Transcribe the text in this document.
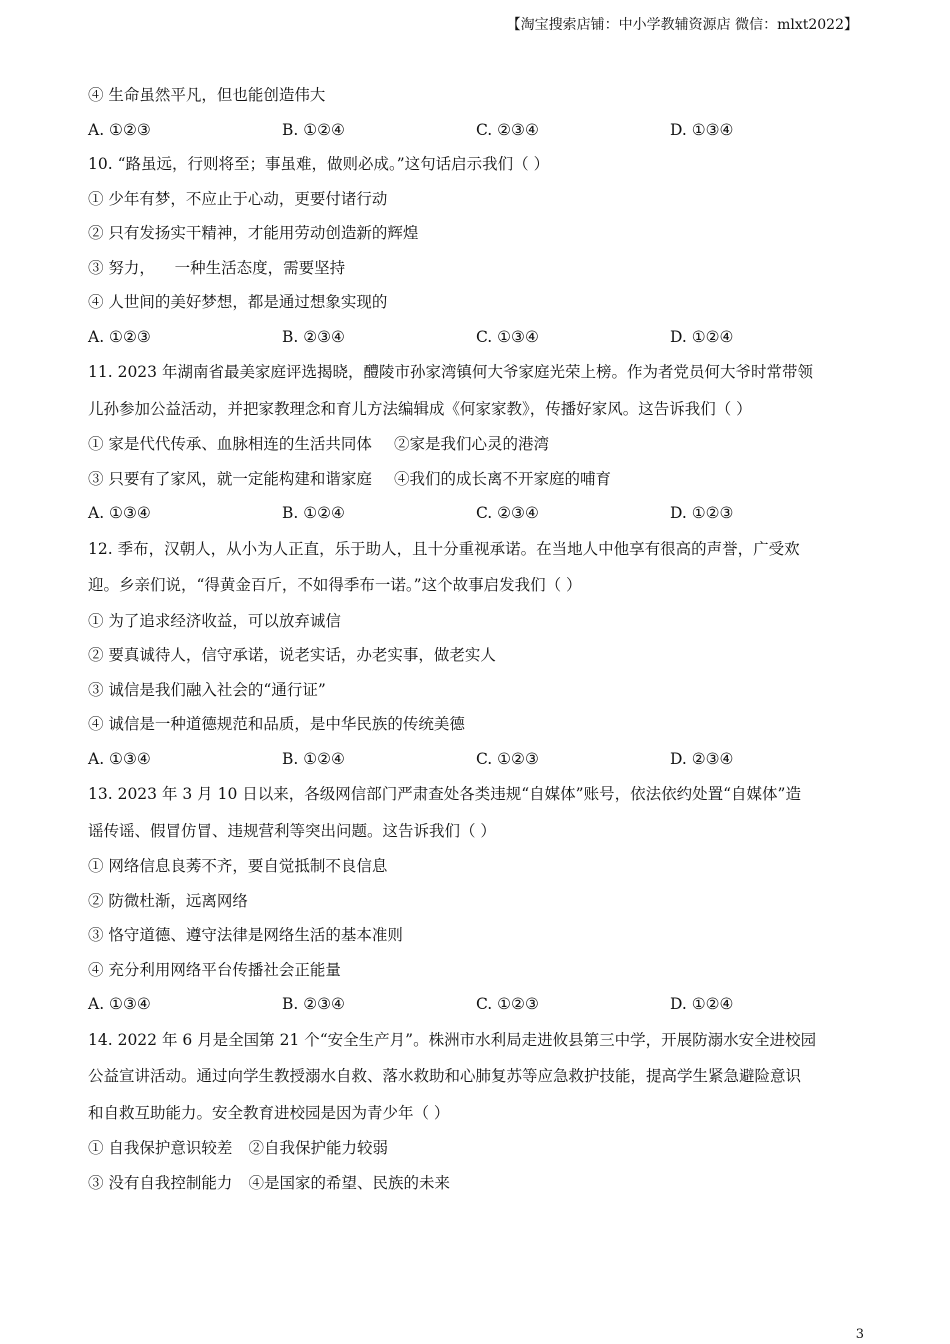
【淘宝搜索店铺：中小学教辅资源店 微信：mlxt2022】
④ 生命虽然平凡，但也能创造伟大
A. ①②③	B. ①②④	C. ②③④	D. ①③④
10. “路虽远，行则将至；事虽难，做则必成。”这句话启示我们（ ）
① 少年有梦，不应止于心动，更要付诸行动
② 只有发扬实干精神，才能用劳动创造新的辉煌
③ 努力，    一种生活态度，需要坚持
④ 人世间的美好梦想，都是通过想象实现的
A. ①②③	B. ②③④	C. ①③④	D. ①②④
11. 2023 年湖南省最美家庭评选揭晓，醴陵市孙家湾镇何大爷家庭光荣上榜。作为者党员何大爷时常带领
儿孙参加公益活动，并把家教理念和育儿方法编辑成《何家家教》，传播好家风。这告诉我们（ ）
① 家是代代传承、血脉相连的生活共同体 ②家是我们心灵的港湾
③ 只要有了家风，就一定能构建和谐家庭 ④我们的成长离不开家庭的哺育
A. ①③④	B. ①②④	C. ②③④	D. ①②③
12. 季布，汉朝人，从小为人正直，乐于助人，且十分重视承诺。在当地人中他享有很高的声誉，广受欢
迎。乡亲们说，“得黄金百斤，不如得季布一诺。”这个故事启发我们（ ）
① 为了追求经济收益，可以放弃诚信
② 要真诚待人，信守承诺，说老实话，办老实事，做老实人
③ 诚信是我们融入社会的“通行证”
④ 诚信是一种道德规范和品质，是中华民族的传统美德
A. ①③④	B. ①②④	C. ①②③	D. ②③④
13. 2023 年 3 月 10 日以来，各级网信部门严肃查处各类违规“自媒体”账号，依法依约处置“自媒体”造
谣传谣、假冒仿冒、违规营利等突出问题。这告诉我们（ ）
① 网络信息良莠不齐，要自觉抵制不良信息
② 防微杜渐，远离网络
③ 恪守道德、遵守法律是网络生活的基本准则
④ 充分利用网络平台传播社会正能量
A. ①③④	B. ②③④	C. ①②③	D. ①②④
14. 2022 年 6 月是全国第 21 个“安全生产月”。株洲市水利局走进攸县第三中学，开展防溺水安全进校园
公益宣讲活动。通过向学生教授溺水自救、落水救助和心肺复苏等应急救护技能，提高学生紧急避险意识
和自救互助能力。安全教育进校园是因为青少年（ ）
① 自我保护意识较差 ②自我保护能力较弱
③ 没有自我控制能力 ④是国家的希望、民族的未来
3
